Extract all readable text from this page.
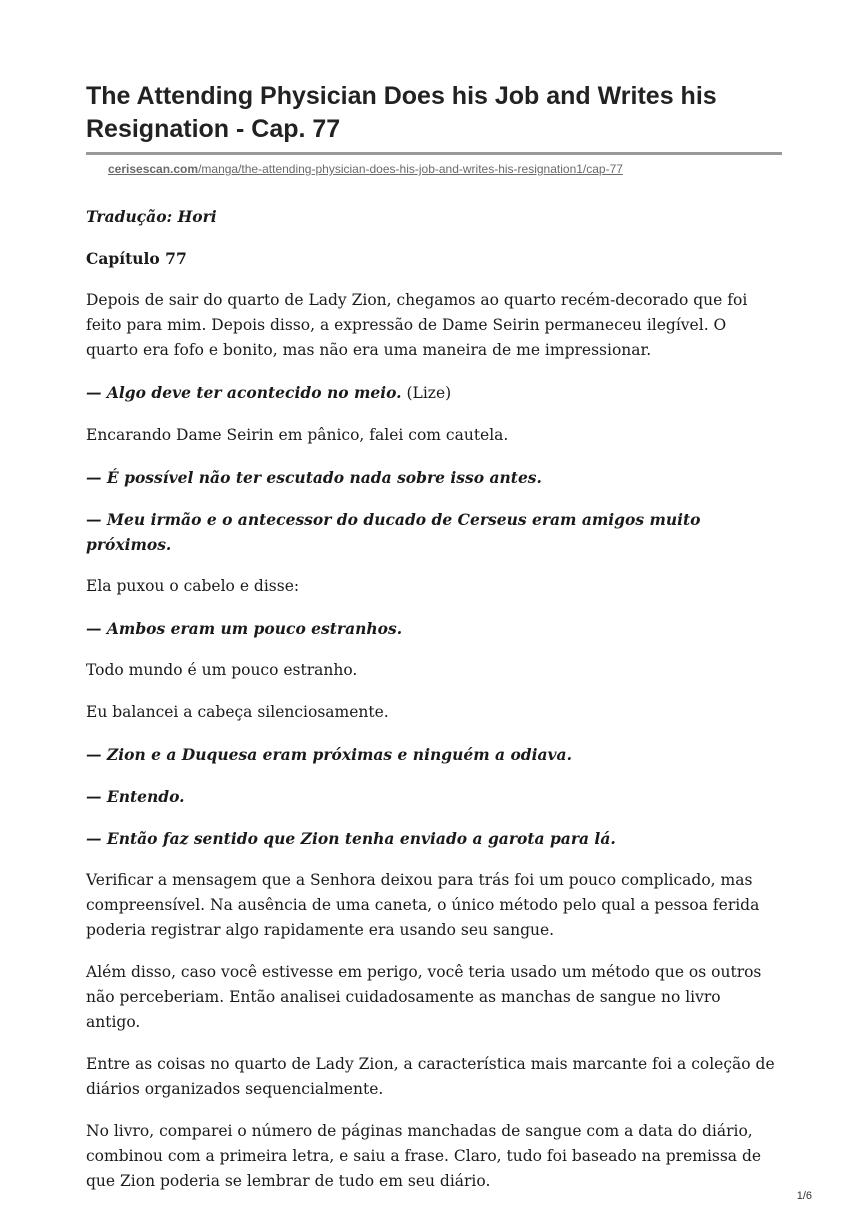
The Attending Physician Does his Job and Writes his Resignation - Cap. 77
cerisescan.com/manga/the-attending-physician-does-his-job-and-writes-his-resignation1/cap-77

Tradução: Hori

Capítulo 77

Depois de sair do quarto de Lady Zion, chegamos ao quarto recém-decorado que foi feito para mim. Depois disso, a expressão de Dame Seirin permaneceu ilegível. O quarto era fofo e bonito, mas não era uma maneira de me impressionar.

— Algo deve ter acontecido no meio. (Lize)

Encarando Dame Seirin em pânico, falei com cautela.

— É possível não ter escutado nada sobre isso antes.

— Meu irmão e o antecessor do ducado de Cerseus eram amigos muito próximos.

Ela puxou o cabelo e disse:

— Ambos eram um pouco estranhos.

Todo mundo é um pouco estranho.

Eu balancei a cabeça silenciosamente.

— Zion e a Duquesa eram próximas e ninguém a odiava.

— Entendo.

— Então faz sentido que Zion tenha enviado a garota para lá.

Verificar a mensagem que a Senhora deixou para trás foi um pouco complicado, mas compreensível. Na ausência de uma caneta, o único método pelo qual a pessoa ferida poderia registrar algo rapidamente era usando seu sangue.

Além disso, caso você estivesse em perigo, você teria usado um método que os outros não perceberiam. Então analisei cuidadosamente as manchas de sangue no livro antigo.

Entre as coisas no quarto de Lady Zion, a característica mais marcante foi a coleção de diários organizados sequencialmente.

No livro, comparei o número de páginas manchadas de sangue com a data do diário, combinou com a primeira letra, e saiu a frase. Claro, tudo foi baseado na premissa de que Zion poderia se lembrar de tudo em seu diário.

1/6
